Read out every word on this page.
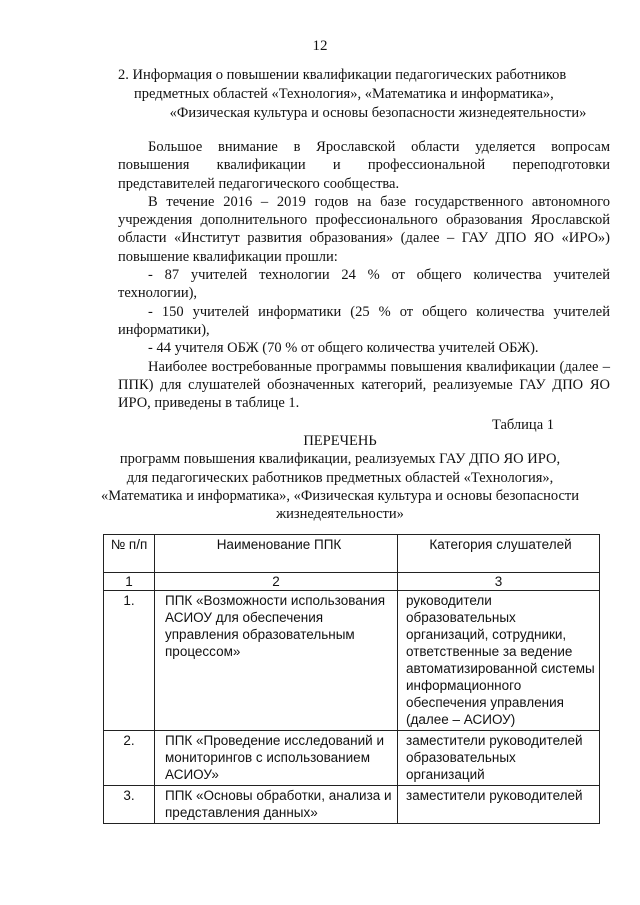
12
2. Информация о повышении квалификации педагогических работников
предметных областей «Технология», «Математика и информатика»,
«Физическая культура и основы безопасности жизнедеятельности»

Большое внимание в Ярославской области уделяется вопросам повышения квалификации и профессиональной переподготовки представителей педагогического сообщества.

В течение 2016 – 2019 годов на базе государственного автономного учреждения дополнительного профессионального образования Ярославской области «Институт развития образования» (далее – ГАУ ДПО ЯО «ИРО») повышение квалификации прошли:

- 87 учителей технологии 24 % от общего количества учителей технологии),

- 150 учителей информатики (25 % от общего количества учителей информатики),

- 44 учителя ОБЖ (70 % от общего количества учителей ОБЖ).

Наиболее востребованные программы повышения квалификации (далее – ППК) для слушателей обозначенных категорий, реализуемые ГАУ ДПО ЯО ИРО, приведены в таблице 1.

Таблица 1

ПЕРЕЧЕНЬ
программ повышения квалификации, реализуемых ГАУ ДПО ЯО ИРО,
для педагогических работников предметных областей «Технология»,
«Математика и информатика», «Физическая культура и основы безопасности
жизнедеятельности»
№ п/п	Наименование ППК	Категория слушателей
1	2	3
1.	ППК «Возможности использования АСИОУ для обеспечения управления образовательным процессом»	руководители образовательных организаций, сотрудники, ответственные за ведение автоматизированной системы информационного обеспечения управления (далее – АСИОУ)
2.	ППК «Проведение исследований и мониторингов с использованием АСИОУ»	заместители руководителей образовательных организаций
3.	ППК «Основы обработки, анализа и представления данных»	заместители руководителей
